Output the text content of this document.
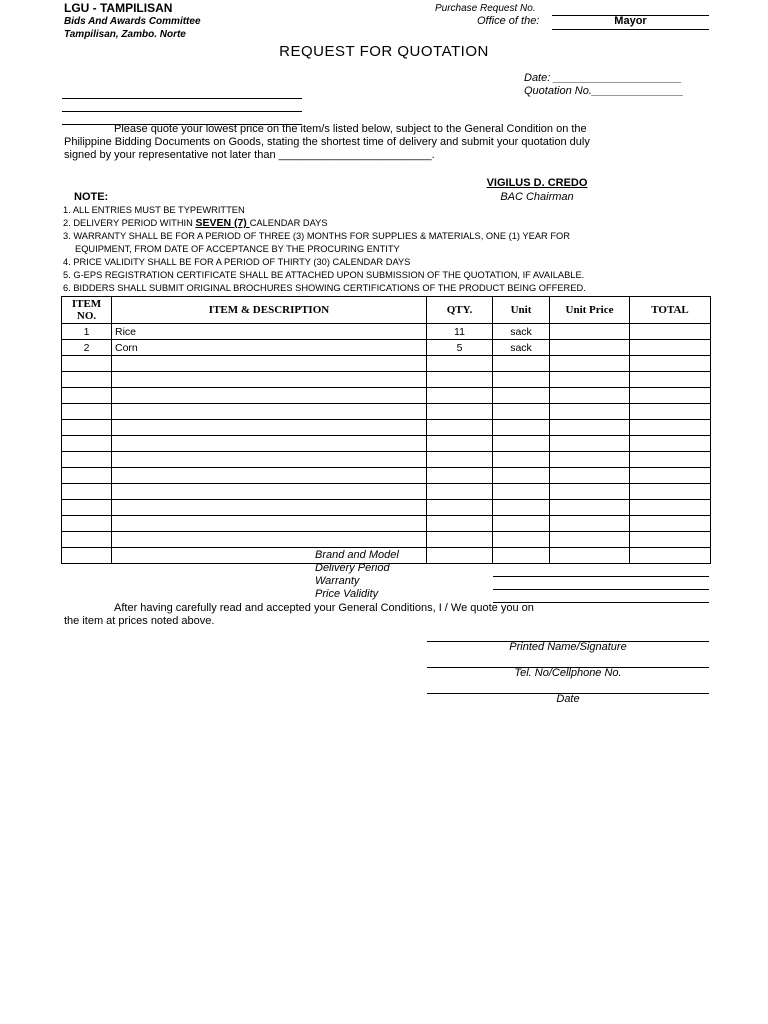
LGU - TAMPILISAN
Bids And Awards Committee
Tampilisan, Zambo. Norte
Purchase Request No.
Office of the:	Mayor
REQUEST FOR QUOTATION
Date: _____________________
Quotation No._______________
Please quote your lowest price on the item/s listed below, subject to the General Condition on the
Philippine Bidding Documents on Goods, stating the shortest time of delivery and submit your quotation duly
signed by your representative not later than _________________________.
VIGILUS D. CREDO
BAC Chairman
NOTE:
1. ALL ENTRIES MUST BE TYPEWRITTEN
2. DELIVERY PERIOD WITHIN SEVEN (7) CALENDAR DAYS
3. WARRANTY SHALL BE FOR A PERIOD OF THREE (3) MONTHS FOR SUPPLIES & MATERIALS, ONE (1) YEAR FOR
EQUIPMENT, FROM DATE OF ACCEPTANCE BY THE PROCURING ENTITY
4. PRICE VALIDITY SHALL BE FOR A PERIOD OF THIRTY (30) CALENDAR DAYS
5. G-EPS REGISTRATION CERTIFICATE SHALL BE ATTACHED UPON SUBMISSION OF THE QUOTATION, IF AVAILABLE.
6. BIDDERS SHALL SUBMIT ORIGINAL BROCHURES SHOWING CERTIFICATIONS OF THE PRODUCT BEING OFFERED.
ITEM
NO.	ITEM & DESCRIPTION	QTY.	Unit	Unit Price	TOTAL
1	Rice	11	sack		
2	Corn	5	sack		

Brand and Model
Delivery Period
Warranty
Price Validity
After having carefully read and accepted your General Conditions, I / We quote you on
the item at prices noted above.
Printed Name/Signature
Tel. No/Cellphone No.
Date
